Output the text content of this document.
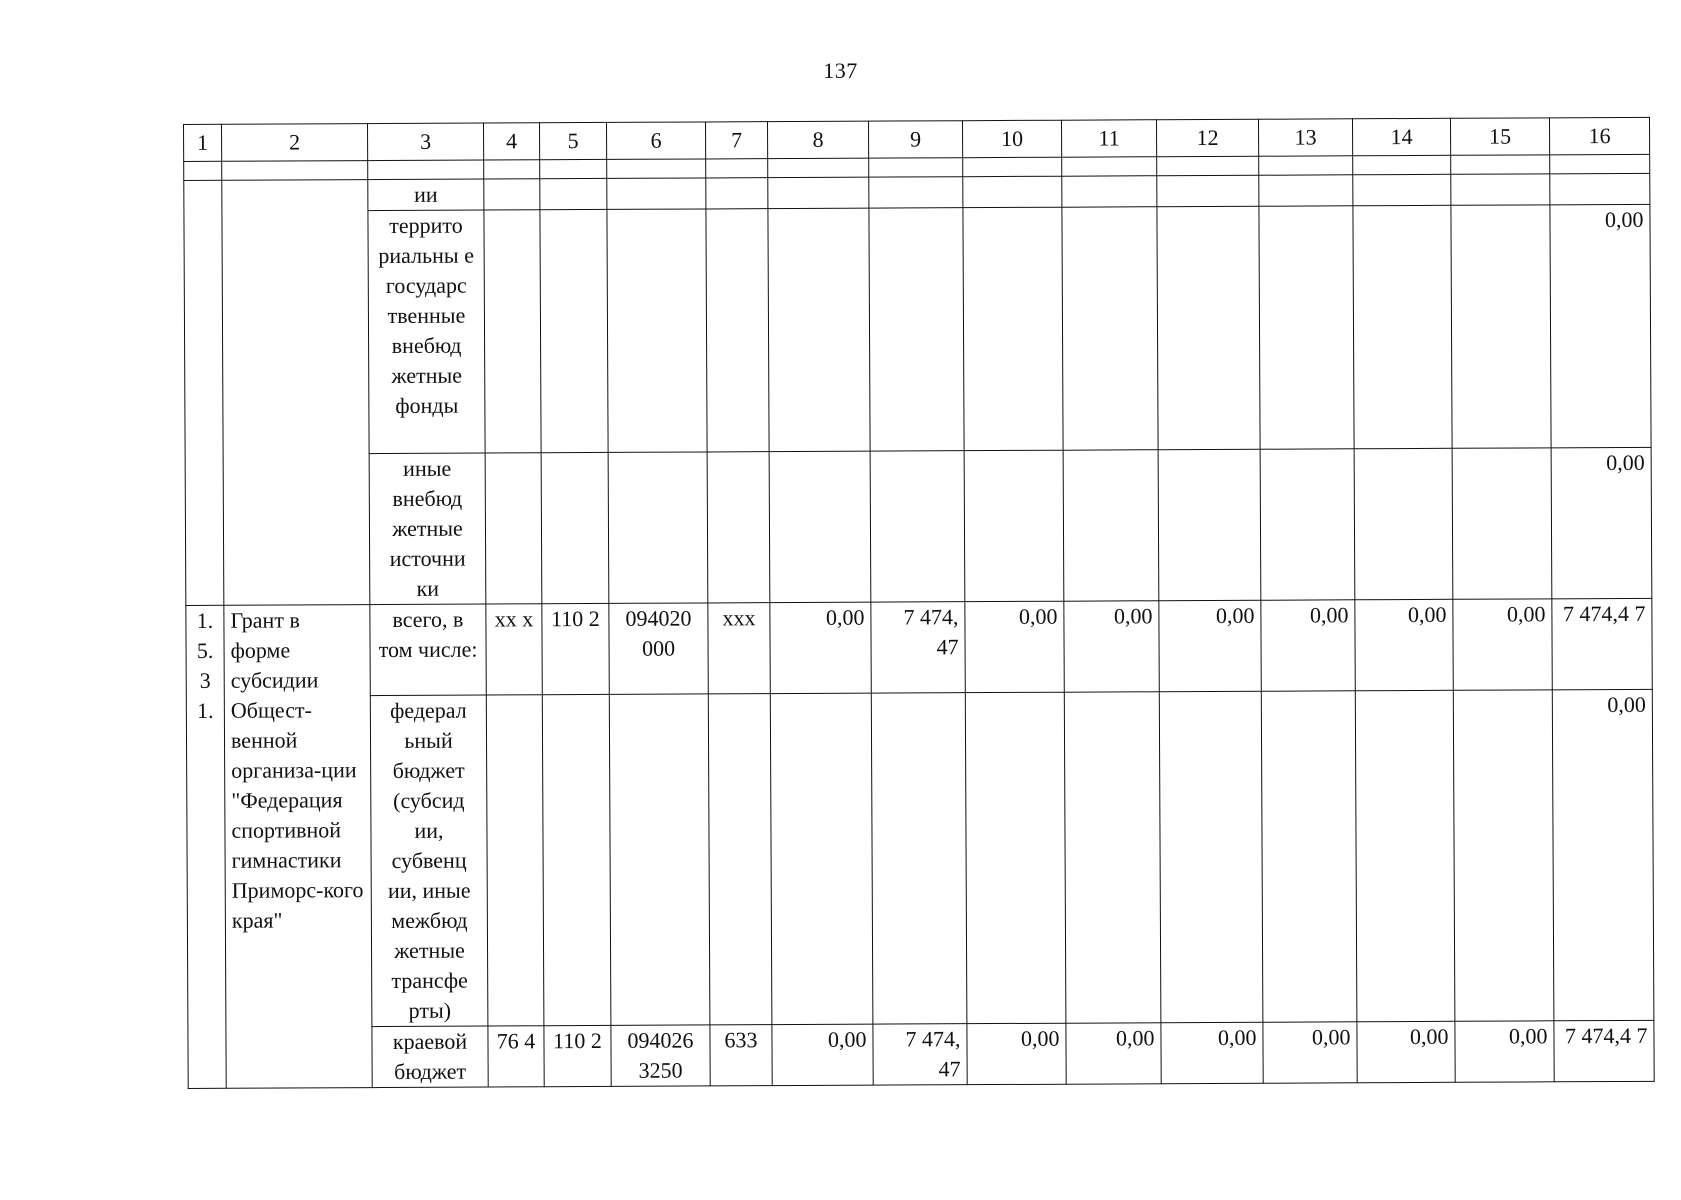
137
1	2	3	4	5	6	7	8	9	10	11	12	13	14	15	16

		ии													
		террито риальны е государс твенные внебюд жетные фонды													0,00
		иные внебюд жетные источни ки													0,00
1. 5. 3 1.	Грант в форме субсидии Общест-венной организа-ции "Федерация спортивной гимнастики Приморс-кого края"	всего, в том числе:	xx x	110 2	094020 000	xxx	0,00	7 474, 47	0,00	0,00	0,00	0,00	0,00	0,00	7 474,4 7
		федерал ьный бюджет (субсид ии, субвенц ии, иные межбюд жетные трансфе рты)													0,00
		краевой бюджет	76 4	110 2	094026 3250	633	0,00	7 474, 47	0,00	0,00	0,00	0,00	0,00	0,00	7 474,4 7
